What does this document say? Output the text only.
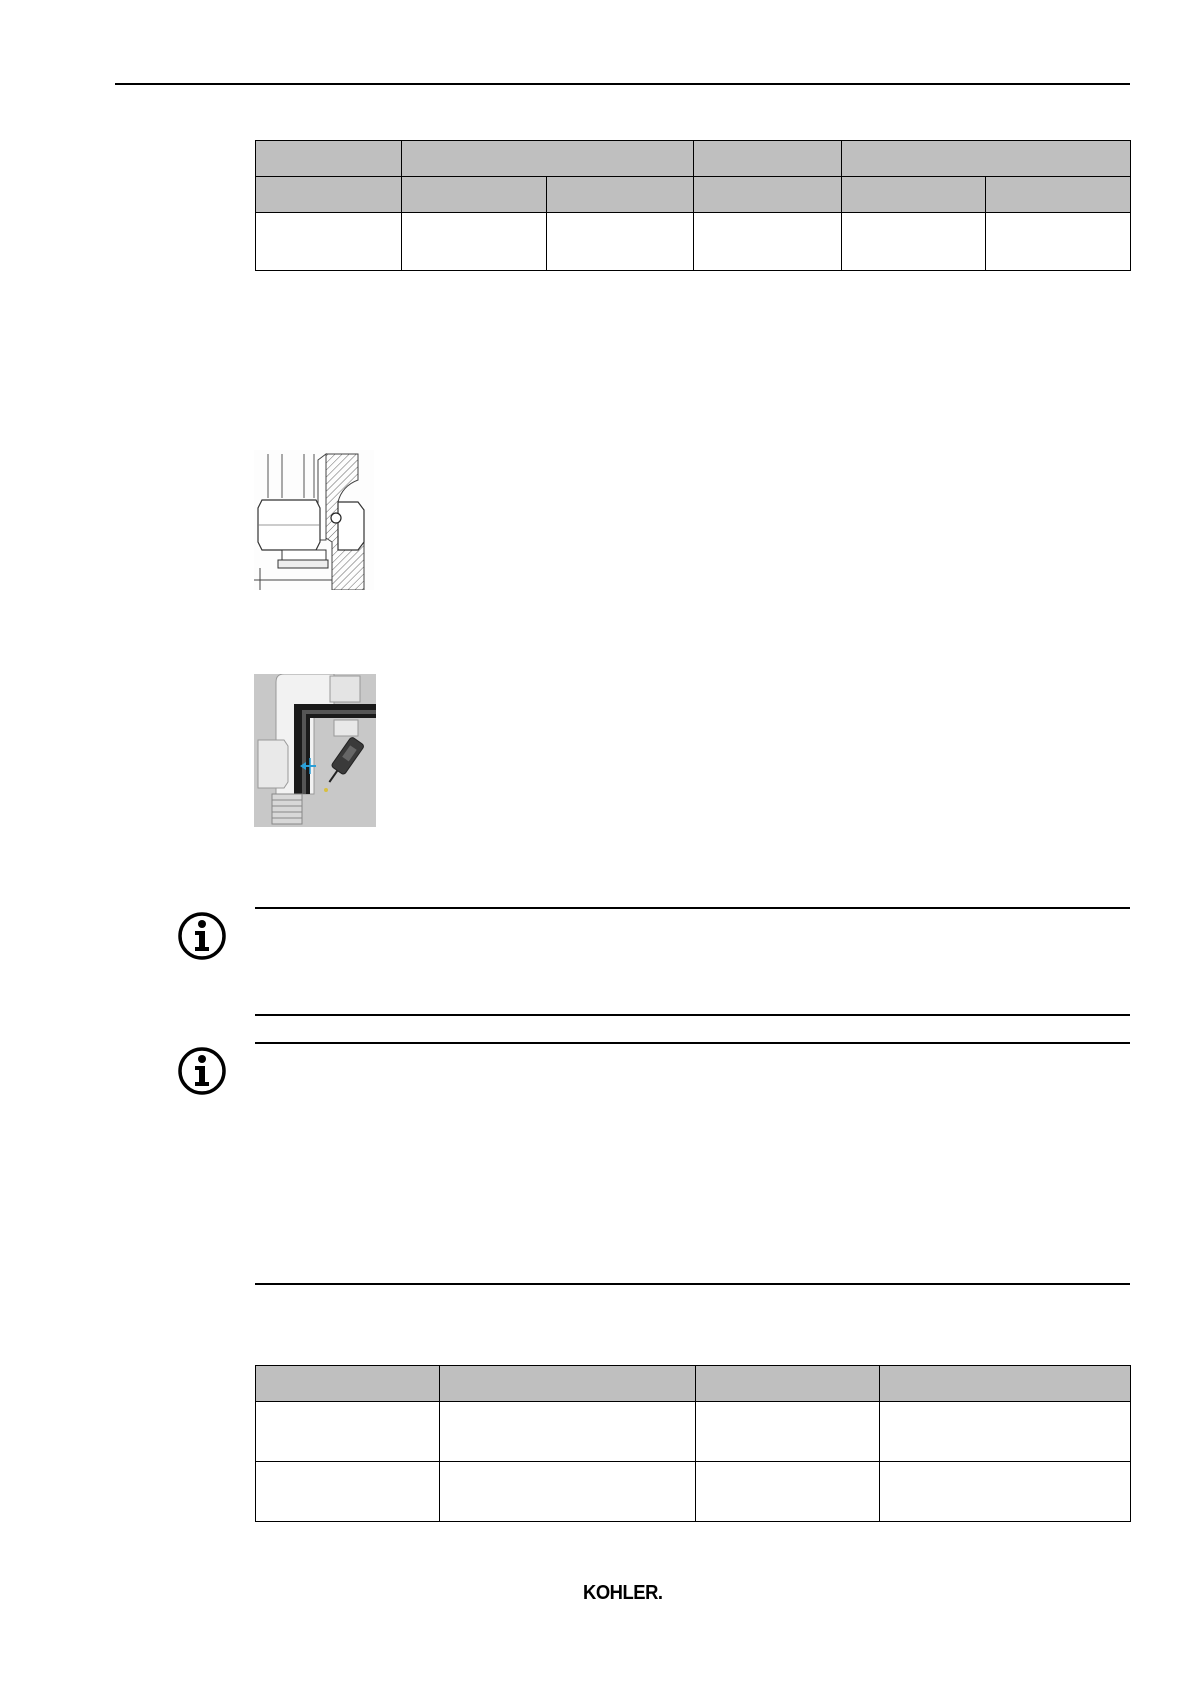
KOHLER.
